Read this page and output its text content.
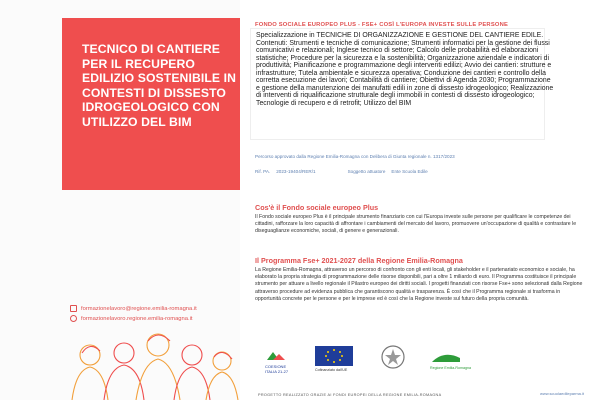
TECNICO DI CANTIERE PER IL RECUPERO EDILIZIO SOSTENIBILE IN CONTESTI DI DISSESTO IDROGEOLOGICO CON UTILIZZO DEL BIM
formazionelavoro@regione.emilia-romagna.it
formazionelavoro.regione.emilia-romagna.it
FONDO SOCIALE EUROPEO PLUS - FSE+ COSÌ L'EUROPA INVESTE SULLE PERSONE
Specializzazione in TECNICHE DI ORGANIZZAZIONE E GESTIONE DEL CANTIERE EDILE.
Contenuti: Strumenti e tecniche di comunicazione; Strumenti informatici per la gestione dei flussi comunicativi e relazionali; Inglese tecnico di settore; Calcolo delle probabilità ed elaborazioni statistiche; Procedure per la sicurezza e la sostenibilità; Organizzazione aziendale e indicatori di produttività; Pianificazione e programmazione degli interventi edilizi; Avvio dei cantieri: strutture e infrastrutture; Tutela ambientale e sicurezza operativa; Conduzione dei cantieri e controllo della corretta esecuzione dei lavori; Contabilità di cantiere; Obiettivi di Agenda 2030; Programmazione e gestione della manutenzione dei manufatti edili in zone di dissesto idrogeologico; Realizzazione di interventi di riqualificazione strutturale degli immobili in contesti di dissesto idrogeologico; Tecnologie di recupero e di retrofit; Utilizzo del BIM
Percorso approvato dalla Regione Emilia-Romagna con Delibera di Giunta regionale n. 1317/2023
Rif. PA. 2023-19404/RER/1	Soggetto attuatore Ente Scuola Edile
Cos'è il Fondo sociale europeo Plus
Il Fondo sociale europeo Plus è il principale strumento finanziario con cui l'Europa investe sulle persone per qualificare le competenze dei cittadini, rafforzare la loro capacità di affrontare i cambiamenti del mercato del lavoro, promuovere un'occupazione di qualità e contrastare le diseguaglianze economiche, sociali, di genere e generazionali.
Il Programma Fse+ 2021-2027 della Regione Emilia-Romagna
La Regione Emilia-Romagna, attraverso un percorso di confronto con gli enti locali, gli stakeholder e il partenariato economico e sociale, ha elaborato la propria strategia di programmazione delle risorse disponibili, pari a oltre 1 miliardo di euro. Il Programma costituisce il principale strumento per attuare a livello regionale il Pilastro europeo dei diritti sociali. I progetti finanziati con risorse Fse+ sono selezionati dalla Regione attraverso procedure ad evidenza pubblica che garantiscono qualità e trasparenza. È così che il Programma regionale si trasforma in opportunità concrete per le persone e per le imprese ed è così che la Regione investe sul futuro della propria comunità.
COESIONE
ITALIA 21-27	Cofinanziato dall'UE	Regione Emilia-Romagna
PROGETTO REALIZZATO GRAZIE AI FONDI EUROPEI DELLA REGIONE EMILIA-ROMAGNA	www.scuolaedileparma.it
